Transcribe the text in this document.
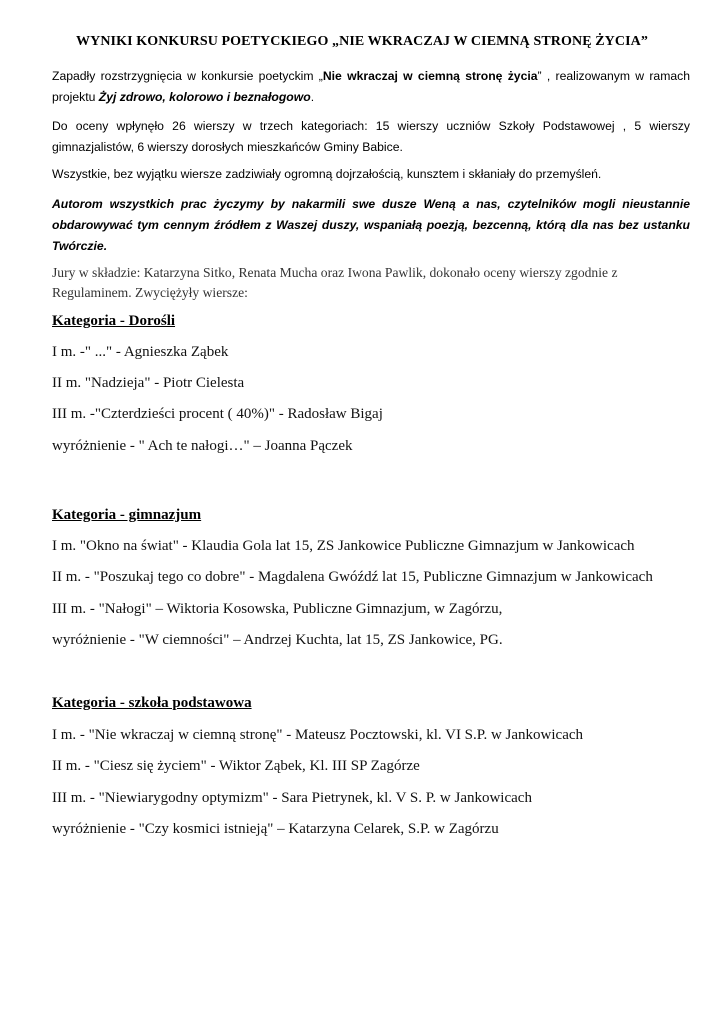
WYNIKI KONKURSU POETYCKIEGO „NIE WKRACZAJ W CIEMNĄ STRONĘ ŻYCIA”
Zapadły rozstrzygnięcia w konkursie poetyckim „Nie wkraczaj w ciemną stronę życia” , realizowanym w ramach projektu Żyj zdrowo, kolorowo i beznałogowo.
Do oceny wpłynęło 26 wierszy w trzech kategoriach: 15 wierszy uczniów Szkoły Podstawowej , 5 wierszy gimnazjalistów, 6 wierszy dorosłych mieszkańców Gminy Babice.
Wszystkie, bez wyjątku wiersze zadziwiały ogromną dojrzałością, kunsztem i skłaniały do przemyśleń.
Autorom wszystkich prac życzymy by nakarmili swe dusze Weną a nas, czytelników mogli nieustannie obdarowywać tym cennym źródłem z Waszej duszy, wspaniałą poezją, bezcenną, którą dla nas bez ustanku Twórczie.
Jury w składzie: Katarzyna Sitko, Renata Mucha oraz Iwona Pawlik, dokonało oceny wierszy zgodnie z Regulaminem. Zwyciężyły wiersze:
Kategoria - Dorośli
I m. -" ..." - Agnieszka Ząbek
II m. "Nadzieja" - Piotr Cielesta
III m. -"Czterdzieści procent ( 40%)" - Radosław Bigaj
wyróżnienie - " Ach te nałogi…" – Joanna Pączek
Kategoria - gimnazjum
I m. "Okno na świat" - Klaudia Gola lat 15, ZS Jankowice Publiczne Gimnazjum w Jankowicach
II m. - "Poszukaj tego co dobre" - Magdalena Gwóźdź lat 15, Publiczne Gimnazjum w Jankowicach
III m. - "Nałogi" – Wiktoria Kosowska, Publiczne Gimnazjum, w Zagórzu,
wyróżnienie - "W ciemności" – Andrzej Kuchta, lat 15, ZS Jankowice, PG.
Kategoria - szkoła podstawowa
I m. - "Nie wkraczaj w ciemną stronę" - Mateusz Pocztowski, kl. VI S.P. w Jankowicach
II m. - "Ciesz się życiem" - Wiktor Ząbek, Kl. III SP Zagórze
III m. - "Niewiarygodny optymizm" - Sara Pietrynek, kl. V S. P. w Jankowicach
wyróżnienie - "Czy kosmici istnieją" – Katarzyna Celarek, S.P. w Zagórzu
